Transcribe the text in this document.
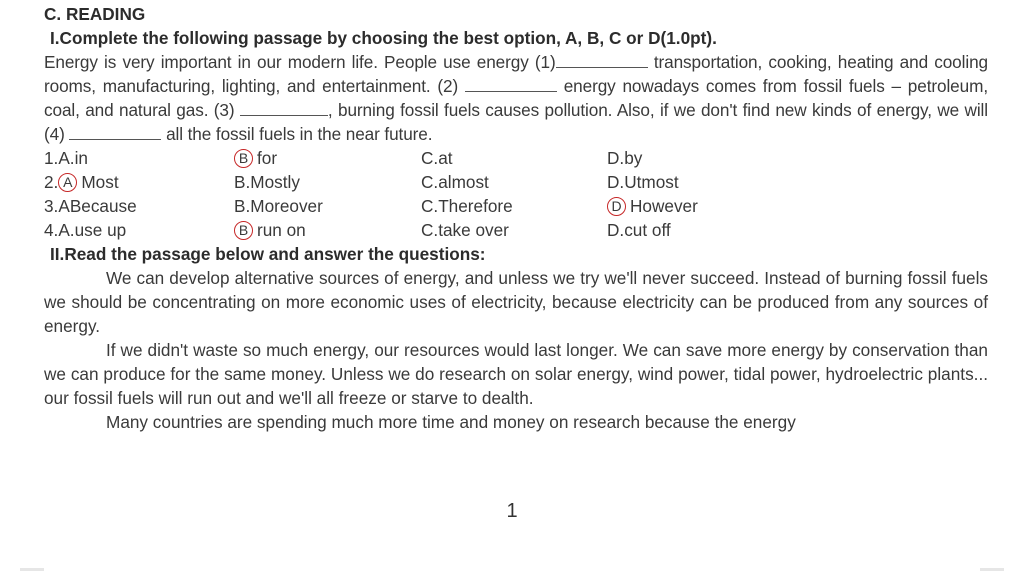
C. READING
I.Complete the following passage by choosing the best option, A, B, C or D(1.0pt).
Energy is very important in our modern life. People use energy (1)	transportation, cooking, heating and cooling rooms, manufacturing, lighting, and entertainment. (2)	energy nowadays comes from fossil fuels – petroleum, coal, and natural gas. (3)	, burning fossil fuels causes pollution. Also, if we don't find new kinds of energy, we will (4)	all the fossil fuels in the near future.
1. A. in	B for	C. at	D. by
2. A Most	B. Mostly	C. almost	D. Utmost
3. A Because	B. Moreover	C. Therefore	D However
4. A. use up	B run on	C. take over	D. cut off
II.Read the passage below and answer the questions:
We can develop alternative sources of energy, and unless we try we'll never succeed. Instead of burning fossil fuels we should be concentrating on more economic uses of electricity, because electricity can be produced from any sources of energy.
If we didn't waste so much energy, our resources would last longer. We can save more energy by conservation than we can produce for the same money. Unless we do research on solar energy, wind power, tidal power, hydroelectric plants... our fossil fuels will run out and we'll all freeze or starve to dealth.
Many countries are spending much more time and money on research because the energy
1
